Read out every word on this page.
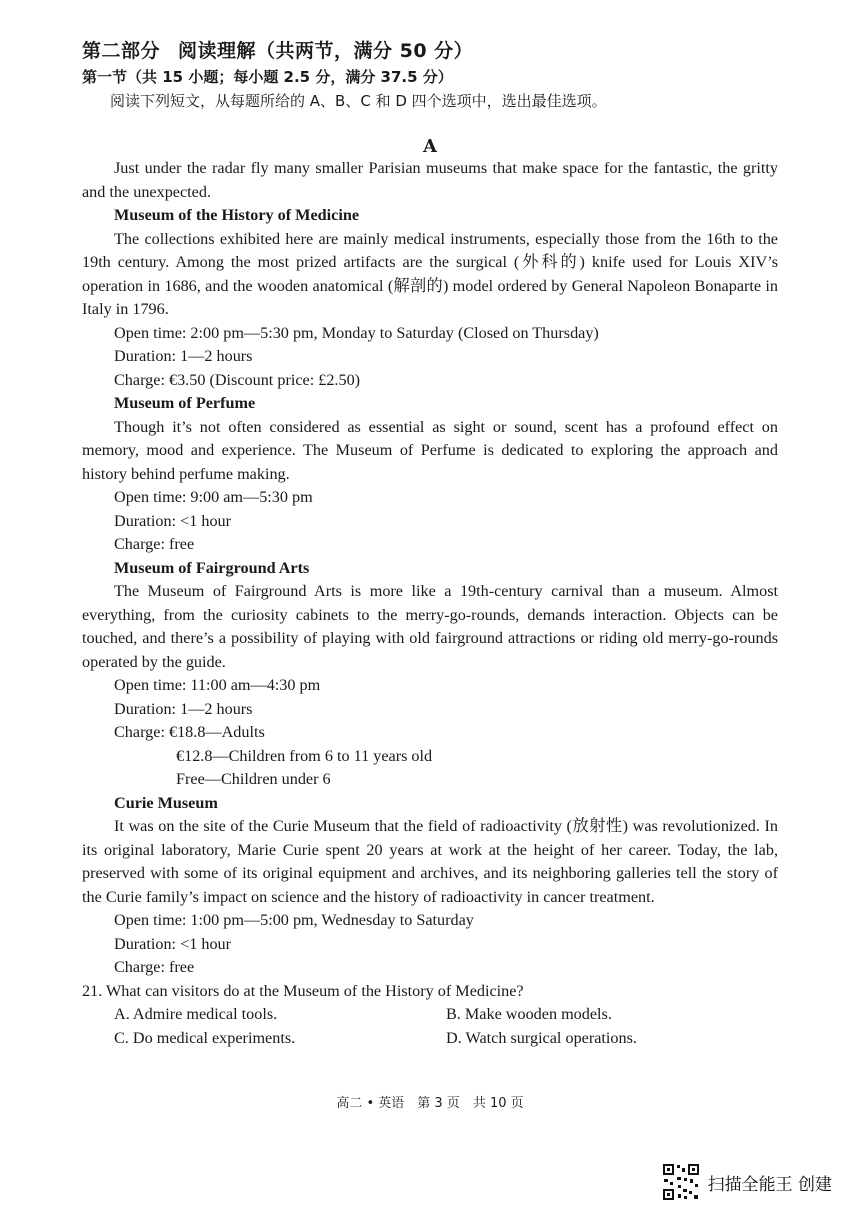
第二部分 阅读理解（共两节，满分 50 分）
第一节（共 15 小题；每小题 2.5 分，满分 37.5 分）
阅读下列短文，从每题所给的 A、B、C 和 D 四个选项中，选出最佳选项。
A

Just under the radar fly many smaller Parisian museums that make space for the fantastic, the gritty and the unexpected.

Museum of the History of Medicine

The collections exhibited here are mainly medical instruments, especially those from the 16th to the 19th century. Among the most prized artifacts are the surgical (外科的) knife used for Louis XIV’s operation in 1686, and the wooden anatomical (解剖的) model ordered by General Napoleon Bonaparte in Italy in 1796.

Open time: 2:00 pm—5:30 pm, Monday to Saturday (Closed on Thursday)

Duration: 1—2 hours

Charge: €3.50 (Discount price: £2.50)

Museum of Perfume

Though it’s not often considered as essential as sight or sound, scent has a profound effect on memory, mood and experience. The Museum of Perfume is dedicated to exploring the approach and history behind perfume making.

Open time: 9:00 am—5:30 pm

Duration: <1 hour

Charge: free

Museum of Fairground Arts

The Museum of Fairground Arts is more like a 19th-century carnival than a museum. Almost everything, from the curiosity cabinets to the merry-go-rounds, demands interaction. Objects can be touched, and there’s a possibility of playing with old fairground attractions or riding old merry-go-rounds operated by the guide.

Open time: 11:00 am—4:30 pm

Duration: 1—2 hours

Charge: €18.8—Adults

€12.8—Children from 6 to 11 years old

Free—Children under 6

Curie Museum

It was on the site of the Curie Museum that the field of radioactivity (放射性) was revolutionized. In its original laboratory, Marie Curie spent 20 years at work at the height of her career. Today, the lab, preserved with some of its original equipment and archives, and its neighboring galleries tell the story of the Curie family’s impact on science and the history of radioactivity in cancer treatment.

Open time: 1:00 pm—5:00 pm, Wednesday to Saturday

Duration: <1 hour

Charge: free

21. What can visitors do at the Museum of the History of Medicine?

A. Admire medical tools.	B. Make wooden models.
C. Do medical experiments.	D. Watch surgical operations.
高二 • 英语　第 3 页　共 10 页
扫描全能王 创建
